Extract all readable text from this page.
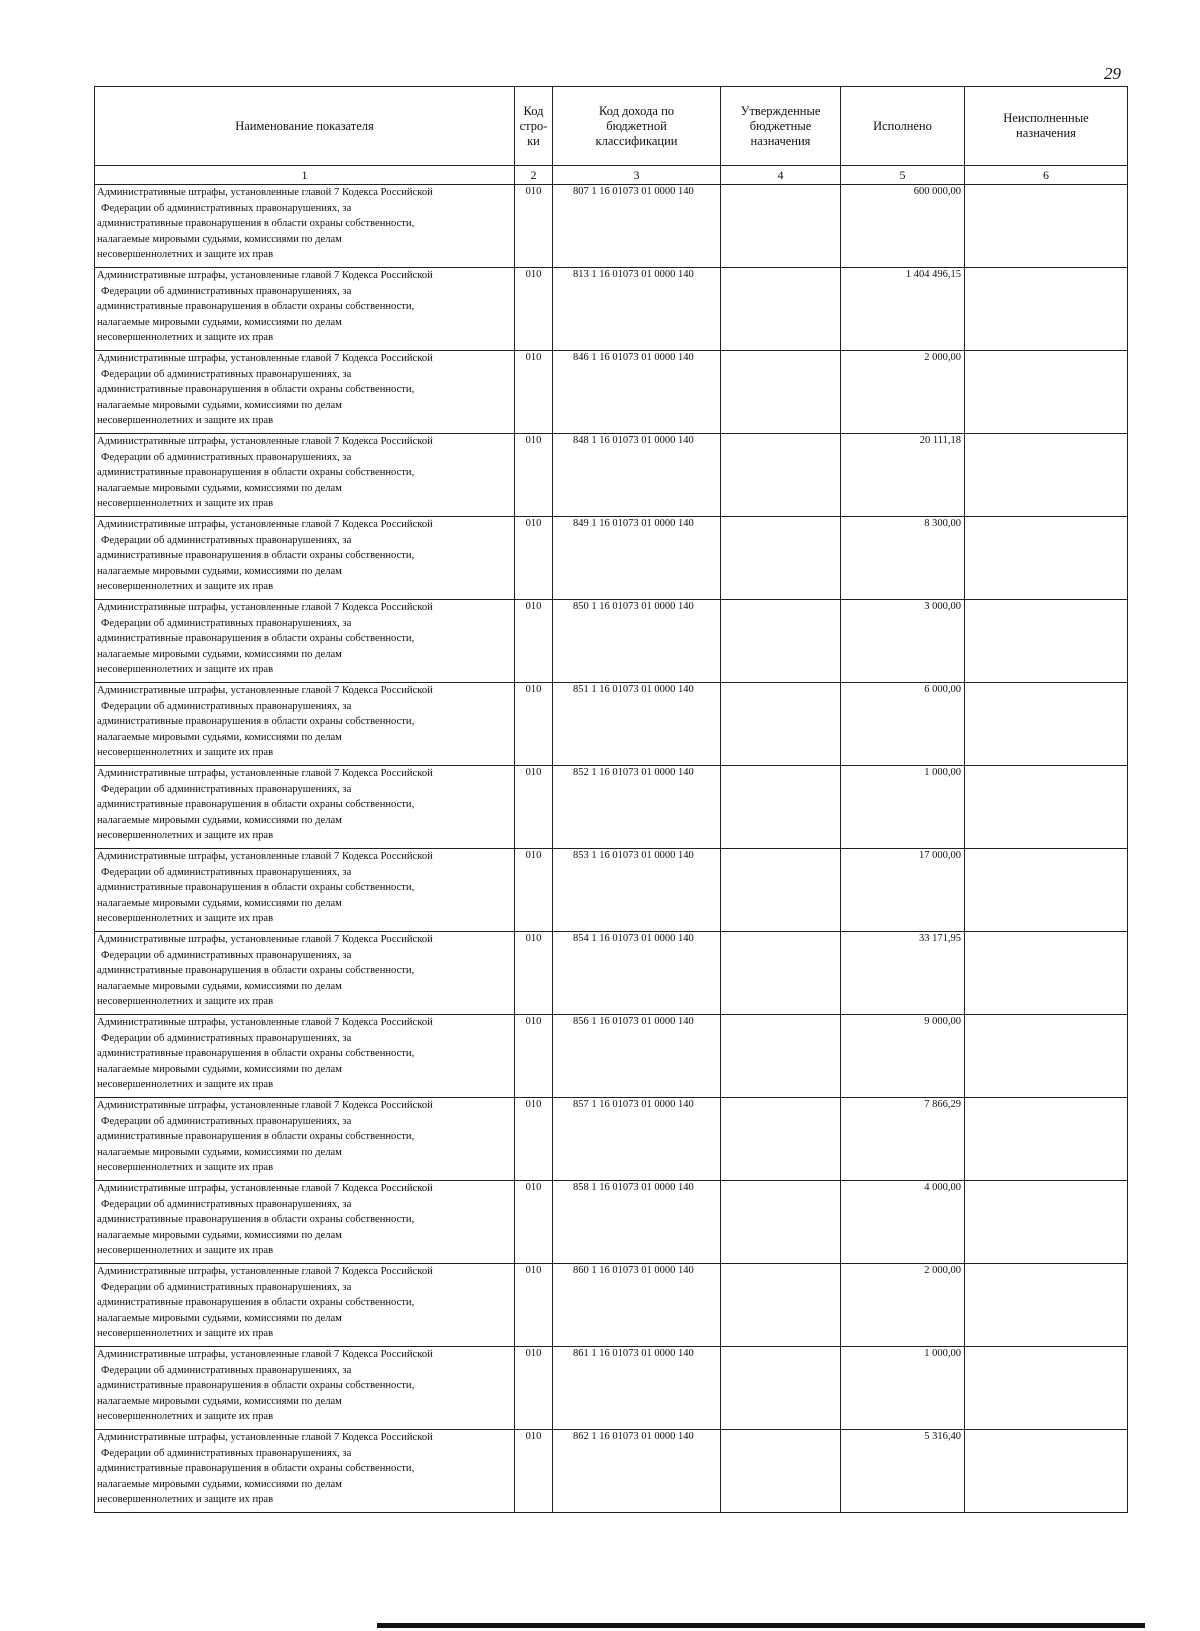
29
Наименование показателя	Код
стро-
ки	Код дохода по
бюджетной
классификации	Утвержденные
бюджетные
назначения	Исполнено	Неисполненные
назначения

1	2	3	4	5	6

Административные штрафы, установленные главой 7 Кодекса Российской
Федерации об административных правонарушениях, за
административные правонарушения в области охраны собственности,
налагаемые мировыми судьями, комиссиями по делам
несовершеннолетних и защите их прав	010	807 1 16 01073 01 0000 140		600 000,00	

Административные штрафы, установленные главой 7 Кодекса Российской
Федерации об административных правонарушениях, за
административные правонарушения в области охраны собственности,
налагаемые мировыми судьями, комиссиями по делам
несовершеннолетних и защите их прав	010	813 1 16 01073 01 0000 140		1 404 496,15	

Административные штрафы, установленные главой 7 Кодекса Российской
Федерации об административных правонарушениях, за
административные правонарушения в области охраны собственности,
налагаемые мировыми судьями, комиссиями по делам
несовершеннолетних и защите их прав	010	846 1 16 01073 01 0000 140		2 000,00	

Административные штрафы, установленные главой 7 Кодекса Российской
Федерации об административных правонарушениях, за
административные правонарушения в области охраны собственности,
налагаемые мировыми судьями, комиссиями по делам
несовершеннолетних и защите их прав	010	848 1 16 01073 01 0000 140		20 111,18	

Административные штрафы, установленные главой 7 Кодекса Российской
Федерации об административных правонарушениях, за
административные правонарушения в области охраны собственности,
налагаемые мировыми судьями, комиссиями по делам
несовершеннолетних и защите их прав	010	849 1 16 01073 01 0000 140		8 300,00	

Административные штрафы, установленные главой 7 Кодекса Российской
Федерации об административных правонарушениях, за
административные правонарушения в области охраны собственности,
налагаемые мировыми судьями, комиссиями по делам
несовершеннолетних и защите их прав	010	850 1 16 01073 01 0000 140		3 000,00	

Административные штрафы, установленные главой 7 Кодекса Российской
Федерации об административных правонарушениях, за
административные правонарушения в области охраны собственности,
налагаемые мировыми судьями, комиссиями по делам
несовершеннолетних и защите их прав	010	851 1 16 01073 01 0000 140		6 000,00	

Административные штрафы, установленные главой 7 Кодекса Российской
Федерации об административных правонарушениях, за
административные правонарушения в области охраны собственности,
налагаемые мировыми судьями, комиссиями по делам
несовершеннолетних и защите их прав	010	852 1 16 01073 01 0000 140		1 000,00	

Административные штрафы, установленные главой 7 Кодекса Российской
Федерации об административных правонарушениях, за
административные правонарушения в области охраны собственности,
налагаемые мировыми судьями, комиссиями по делам
несовершеннолетних и защите их прав	010	853 1 16 01073 01 0000 140		17 000,00	

Административные штрафы, установленные главой 7 Кодекса Российской
Федерации об административных правонарушениях, за
административные правонарушения в области охраны собственности,
налагаемые мировыми судьями, комиссиями по делам
несовершеннолетних и защите их прав	010	854 1 16 01073 01 0000 140		33 171,95	

Административные штрафы, установленные главой 7 Кодекса Российской
Федерации об административных правонарушениях, за
административные правонарушения в области охраны собственности,
налагаемые мировыми судьями, комиссиями по делам
несовершеннолетних и защите их прав	010	856 1 16 01073 01 0000 140		9 000,00	

Административные штрафы, установленные главой 7 Кодекса Российской
Федерации об административных правонарушениях, за
административные правонарушения в области охраны собственности,
налагаемые мировыми судьями, комиссиями по делам
несовершеннолетних и защите их прав	010	857 1 16 01073 01 0000 140		7 866,29	

Административные штрафы, установленные главой 7 Кодекса Российской
Федерации об административных правонарушениях, за
административные правонарушения в области охраны собственности,
налагаемые мировыми судьями, комиссиями по делам
несовершеннолетних и защите их прав	010	858 1 16 01073 01 0000 140		4 000,00	

Административные штрафы, установленные главой 7 Кодекса Российской
Федерации об административных правонарушениях, за
административные правонарушения в области охраны собственности,
налагаемые мировыми судьями, комиссиями по делам
несовершеннолетних и защите их прав	010	860 1 16 01073 01 0000 140		2 000,00	

Административные штрафы, установленные главой 7 Кодекса Российской
Федерации об административных правонарушениях, за
административные правонарушения в области охраны собственности,
налагаемые мировыми судьями, комиссиями по делам
несовершеннолетних и защите их прав	010	861 1 16 01073 01 0000 140		1 000,00	

Административные штрафы, установленные главой 7 Кодекса Российской
Федерации об административных правонарушениях, за
административные правонарушения в области охраны собственности,
налагаемые мировыми судьями, комиссиями по делам
несовершеннолетних и защите их прав	010	862 1 16 01073 01 0000 140		5 316,40	
